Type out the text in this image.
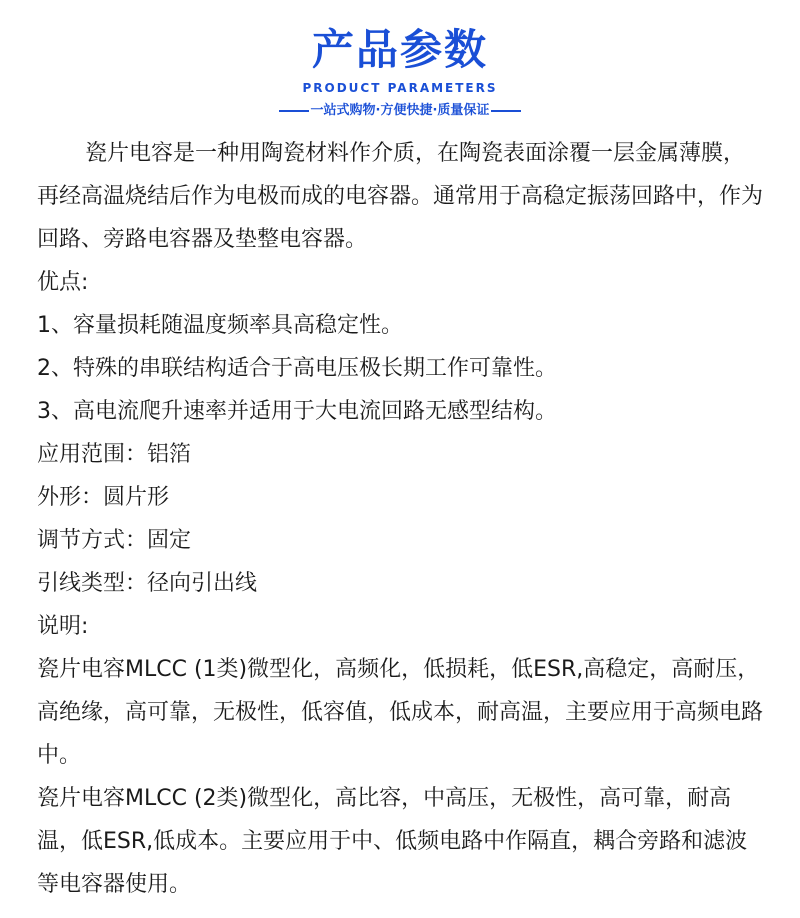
产品参数
PRODUCT PARAMETERS
一站式购物·方便快捷·质量保证

瓷片电容是一种用陶瓷材料作介质，在陶瓷表面涂覆一层金属薄膜，再经高温烧结后作为电极而成的电容器。通常用于高稳定振荡回路中，作为回路、旁路电容器及垫整电容器。

优点:

1、容量损耗随温度频率具高稳定性。

2、特殊的串联结构适合于高电压极长期工作可靠性。

3、高电流爬升速率并适用于大电流回路无感型结构。

应用范围：铝箔

外形：圆片形

调节方式：固定

引线类型：径向引出线

说明:

瓷片电容MLCC (1类)微型化，高频化，低损耗，低ESR,高稳定，高耐压，高绝缘，高可靠，无极性，低容值，低成本，耐高温，主要应用于高频电路中。

瓷片电容MLCC (2类)微型化，高比容，中高压，无极性，高可靠，耐高温，低ESR,低成本。主要应用于中、低频电路中作隔直，耦合旁路和滤波等电容器使用。
